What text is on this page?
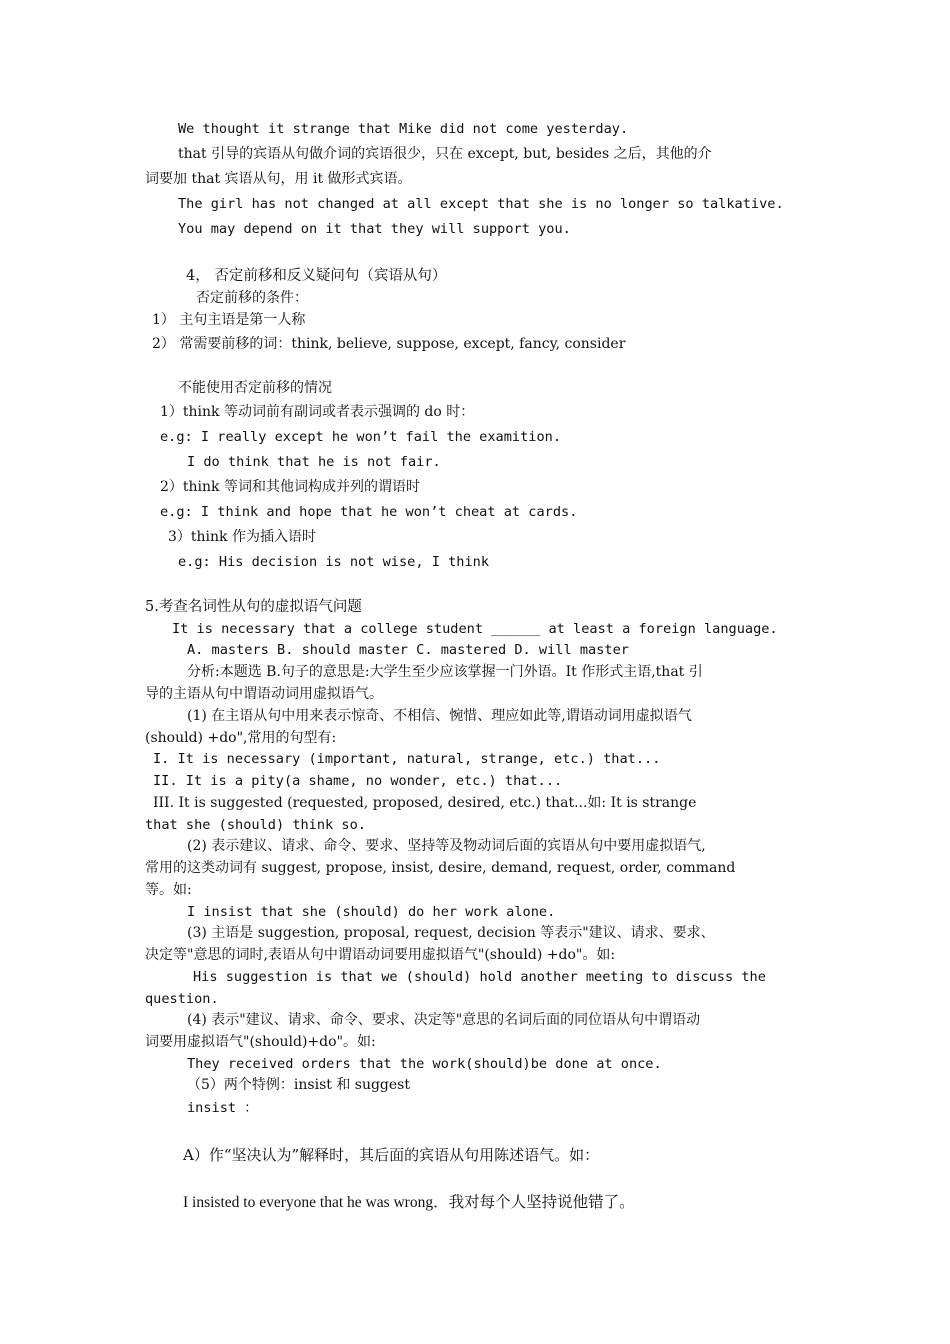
We thought it strange that Mike did not come yesterday.
that 引导的宾语从句做介词的宾语很少，只在 except, but, besides 之后，其他的介
词要加 that 宾语从句，用 it 做形式宾语。
The girl has not changed at all except that she is no longer so talkative.
You may depend on it that they will support you.
4， 否定前移和反义疑问句（宾语从句）
否定前移的条件：
1） 主句主语是第一人称
2） 常需要前移的词：think, believe, suppose, except, fancy, consider
不能使用否定前移的情况
1）think 等动词前有副词或者表示强调的 do 时：
e.g: I really except he won’t fail the examition.
I do think that he is not fair.
2）think 等词和其他词构成并列的谓语时
e.g: I think and hope that he won’t cheat at cards.
3）think 作为插入语时
e.g: His decision is not wise, I think
5.考查名词性从句的虚拟语气问题
It is necessary that a college student ______ at least a foreign language.
A. masters B. should master C. mastered D. will master
分析:本题选 B.句子的意思是:大学生至少应该掌握一门外语。It 作形式主语,that 引
导的主语从句中谓语动词用虚拟语气。
(1) 在主语从句中用来表示惊奇、不相信、惋惜、理应如此等,谓语动词用虚拟语气
(should) +do",常用的句型有:
I. It is necessary (important, natural, strange, etc.) that...
II. It is a pity(a shame, no wonder, etc.) that...
III. It is suggested (requested, proposed, desired, etc.) that...如: It is strange
that she (should) think so.
(2) 表示建议、请求、命令、要求、坚持等及物动词后面的宾语从句中要用虚拟语气,
常用的这类动词有 suggest, propose, insist, desire, demand, request, order, command
等。如:
I insist that she (should) do her work alone.
(3) 主语是 suggestion, proposal, request, decision 等表示"建议、请求、要求、
决定等"意思的词时,表语从句中谓语动词要用虚拟语气"(should) +do"。如:
His suggestion is that we (should) hold another meeting to discuss the
question.
(4) 表示"建议、请求、命令、要求、决定等"意思的名词后面的同位语从句中谓语动
词要用虚拟语气"(should)+do"。如:
They received orders that the work(should)be done at once.
（5）两个特例：insist 和 suggest
insist ：
A）作“坚决认为”解释时，其后面的宾语从句用陈述语气。如：
I insisted to everyone that he was wrong．我对每个人坚持说他错了。
